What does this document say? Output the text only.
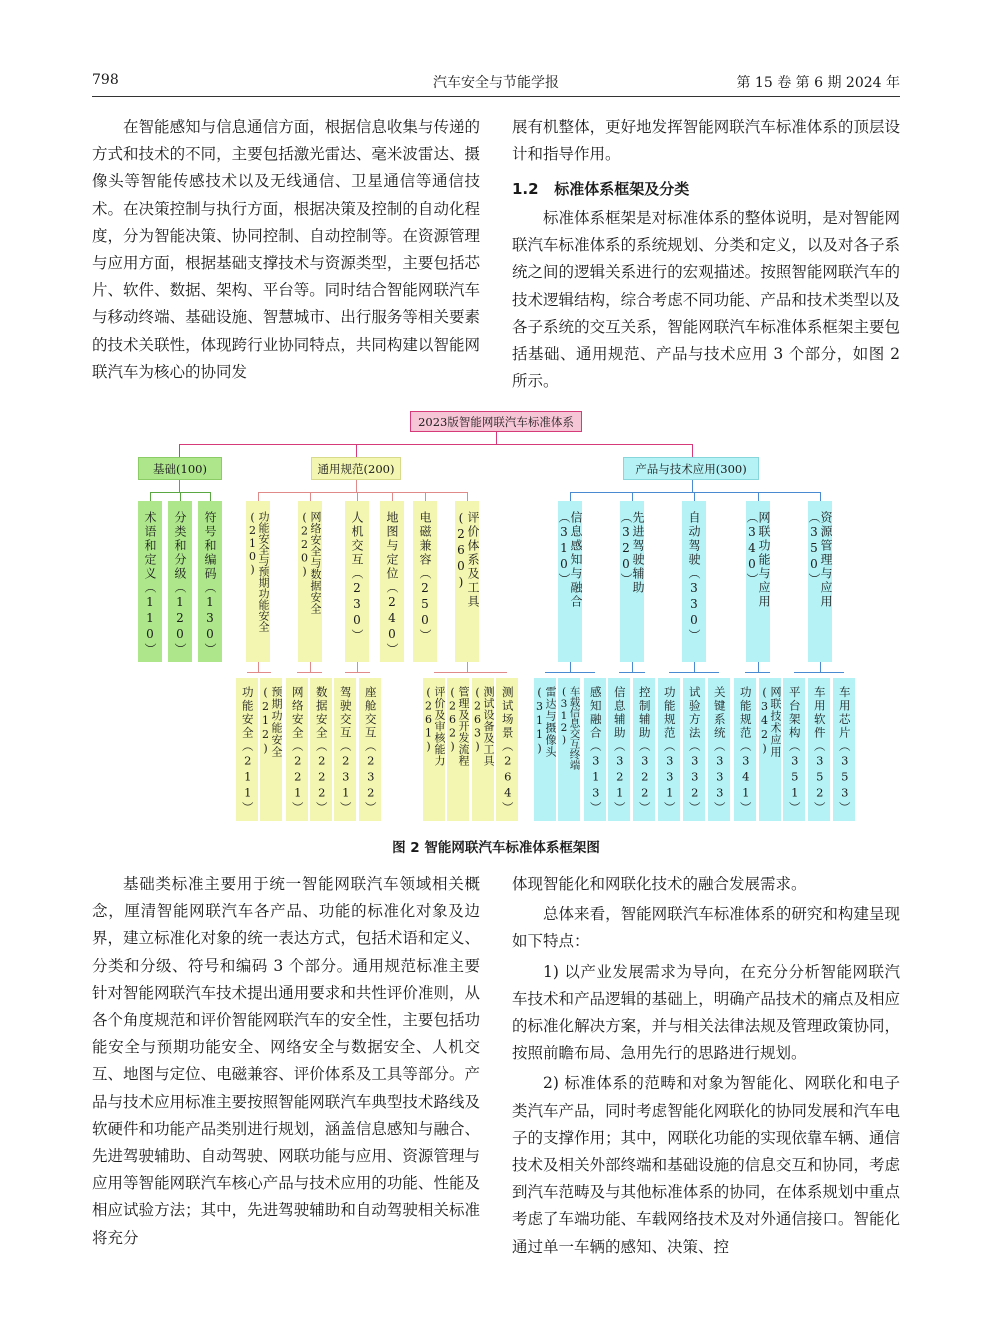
798	汽车安全与节能学报	第 15 卷 第 6 期 2024 年

在智能感知与信息通信方面，根据信息收集与传递的方式和技术的不同，主要包括激光雷达、毫米波雷达、摄像头等智能传感技术以及无线通信、卫星通信等通信技术。在决策控制与执行方面，根据决策及控制的自动化程度，分为智能决策、协同控制、自动控制等。在资源管理与应用方面，根据基础支撑技术与资源类型，主要包括芯片、软件、数据、架构、平台等。同时结合智能网联汽车与移动终端、基础设施、智慧城市、出行服务等相关要素的技术关联性，体现跨行业协同特点，共同构建以智能网联汽车为核心的协同发

展有机整体，更好地发挥智能网联汽车标准体系的顶层设计和指导作用。

1.2 标准体系框架及分类

标准体系框架是对标准体系的整体说明，是对智能网联汽车标准体系的系统规划、分类和定义，以及对各子系统之间的逻辑关系进行的宏观描述。按照智能网联汽车的技术逻辑结构，综合考虑不同功能、产品和技术类型以及各子系统的交互关系，智能网联汽车标准体系框架主要包括基础、通用规范、产品与技术应用 3 个部分，如图 2 所示。

2023版智能网联汽车标准体系
基础(100)	通用规范(200)	产品与技术应用(300)
术语和定义（110） 分类和分级（120） 符号和编码（130）	功能安全与预期功能安全(210)	网络安全与数据安全(220)	人机交互（230） 地图与定位（240） 电磁兼容（250）	评价体系及工具(260)	信息感知与融合（310）	先进驾驶辅助（320）	自动驾驶（330）	网联功能与应用（340）	资源管理与应用（350）
功能安全（211）	预期功能安全(212)	网络安全（221） 数据安全（222） 驾驶交互（231） 座舱交互（232）	评价及审核能力(261)	管理及开发流程(262)	测试设备及工具(263)	测试场景（264）	雷达与摄像头(311)	车载信息交互终端(312)	感知融合（313） 信息辅助（321） 控制辅助（322） 功能规范（331） 试验方法（332） 关键系统（333） 功能规范（341）	网联技术应用(342)	平台架构（351） 车用软件（352） 车用芯片（353）
图 2 智能网联汽车标准体系框架图

基础类标准主要用于统一智能网联汽车领域相关概念，厘清智能网联汽车各产品、功能的标准化对象及边界，建立标准化对象的统一表达方式，包括术语和定义、分类和分级、符号和编码 3 个部分。通用规范标准主要针对智能网联汽车技术提出通用要求和共性评价准则，从各个角度规范和评价智能网联汽车的安全性，主要包括功能安全与预期功能安全、网络安全与数据安全、人机交互、地图与定位、电磁兼容、评价体系及工具等部分。产品与技术应用标准主要按照智能网联汽车典型技术路线及软硬件和功能产品类别进行规划，涵盖信息感知与融合、先进驾驶辅助、自动驾驶、网联功能与应用、资源管理与应用等智能网联汽车核心产品与技术应用的功能、性能及相应试验方法；其中，先进驾驶辅助和自动驾驶相关标准将充分

体现智能化和网联化技术的融合发展需求。

总体来看，智能网联汽车标准体系的研究和构建呈现如下特点：

1) 以产业发展需求为导向，在充分分析智能网联汽车技术和产品逻辑的基础上，明确产品技术的痛点及相应的标准化解决方案，并与相关法律法规及管理政策协同，按照前瞻布局、急用先行的思路进行规划。

2) 标准体系的范畴和对象为智能化、网联化和电子类汽车产品，同时考虑智能化网联化的协同发展和汽车电子的支撑作用；其中，网联化功能的实现依靠车辆、通信技术及相关外部终端和基础设施的信息交互和协同，考虑到汽车范畴及与其他标准体系的协同，在体系规划中重点考虑了车端功能、车载网络技术及对外通信接口。智能化通过单一车辆的感知、决策、控
